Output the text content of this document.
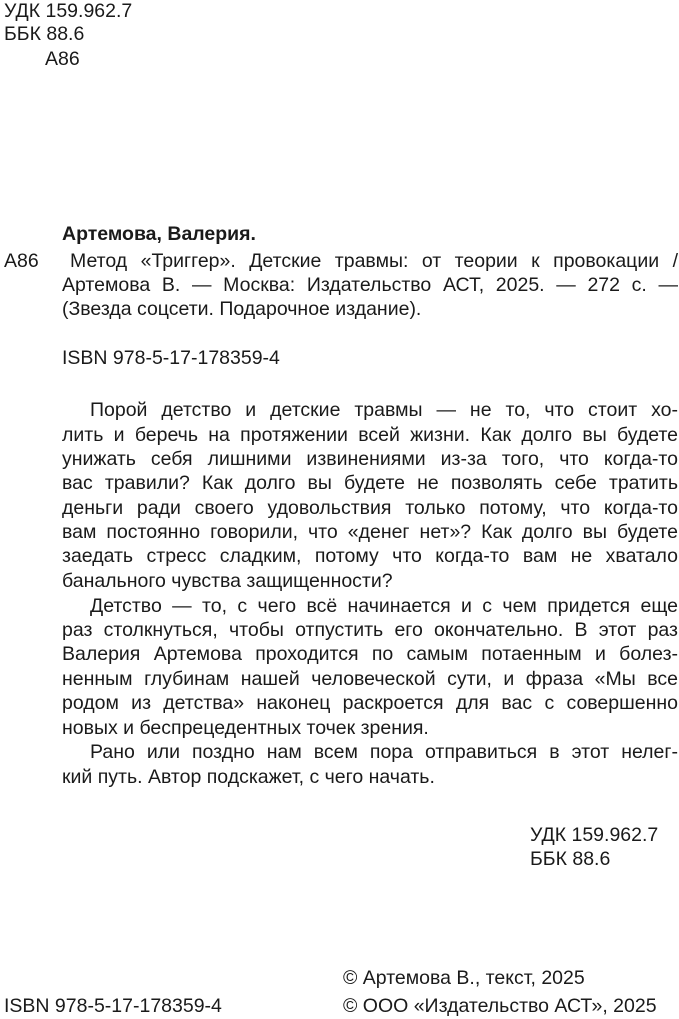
УДК 159.962.7
ББК 88.6
А86
Артемова, Валерия.
А86 Метод «Триггер». Детские травмы: от теории к провокации /
Артемова В. — Москва: Издательство АСТ, 2025. — 272 с. —
(Звезда соцсети. Подарочное издание).
ISBN 978-5-17-178359-4
Порой детство и детские травмы — не то, что стоит хо-
лить и беречь на протяжении всей жизни. Как долго вы будете
унижать себя лишними извинениями из-за того, что когда-то
вас травили? Как долго вы будете не позволять себе тратить
деньги ради своего удовольствия только потому, что когда-то
вам постоянно говорили, что «денег нет»? Как долго вы будете
заедать стресс сладким, потому что когда-то вам не хватало
банального чувства защищенности?
Детство — то, с чего всё начинается и с чем придется еще
раз столкнуться, чтобы отпустить его окончательно. В этот раз
Валерия Артемова проходится по самым потаенным и болез-
ненным глубинам нашей человеческой сути, и фраза «Мы все
родом из детства» наконец раскроется для вас с совершенно
новых и беспрецедентных точек зрения.
Рано или поздно нам всем пора отправиться в этот нелег-
кий путь. Автор подскажет, с чего начать.
УДК 159.962.7
ББК 88.6
© Артемова В., текст, 2025
ISBN 978-5-17-178359-4	© ООО «Издательство АСТ», 2025
